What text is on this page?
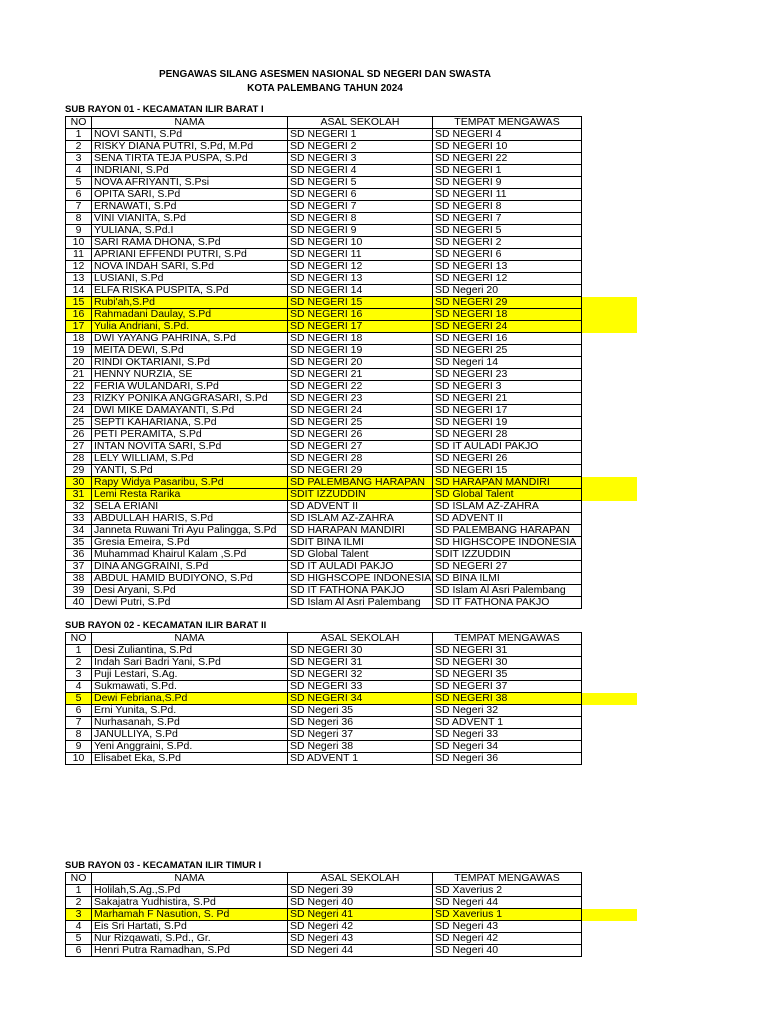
PENGAWAS SILANG ASESMEN NASIONAL SD NEGERI DAN SWASTA
KOTA PALEMBANG TAHUN 2024
SUB RAYON 01 - KECAMATAN ILIR BARAT I
NO	NAMA	ASAL SEKOLAH	TEMPAT MENGAWAS	
1	NOVI SANTI, S.Pd	SD NEGERI 1	SD NEGERI 4	
2	RISKY DIANA PUTRI, S.Pd, M.Pd	SD NEGERI 2	SD NEGERI 10	
3	SENA TIRTA TEJA PUSPA, S.Pd	SD NEGERI 3	SD NEGERI 22	
4	INDRIANI, S.Pd	SD NEGERI 4	SD NEGERI 1	
5	NOVA AFRIYANTI, S.Psi	SD NEGERI 5	SD NEGERI 9	
6	OPITA SARI, S.Pd	SD NEGERI 6	SD NEGERI 11	
7	ERNAWATI, S.Pd	SD NEGERI 7	SD NEGERI 8	
8	VINI VIANITA, S.Pd	SD NEGERI 8	SD NEGERI 7	
9	YULIANA, S.Pd.I	SD NEGERI 9	SD NEGERI 5	
10	SARI RAMA DHONA, S.Pd	SD NEGERI 10	SD NEGERI 2	
11	APRIANI EFFENDI PUTRI, S.Pd	SD NEGERI 11	SD NEGERI 6	
12	NOVA INDAH SARI, S.Pd	SD NEGERI 12	SD NEGERI 13	
13	LUSIANI, S.Pd	SD NEGERI 13	SD NEGERI 12	
14	ELFA RISKA PUSPITA, S.Pd	SD NEGERI 14	SD Negeri 20	
15	Rubi'ah,S.Pd	SD NEGERI 15	SD NEGERI 29	
16	Rahmadani Daulay, S.Pd	SD NEGERI 16	SD NEGERI 18	
17	Yulia Andriani, S.Pd.	SD NEGERI 17	SD NEGERI 24	
18	DWI YAYANG PAHRINA, S.Pd	SD NEGERI 18	SD NEGERI 16	
19	MEITA DEWI, S.Pd	SD NEGERI 19	SD NEGERI 25	
20	RINDI OKTARIANI, S.Pd	SD NEGERI 20	SD Negeri 14	
21	HENNY NURZIA, SE	SD NEGERI 21	SD NEGERI 23	
22	FERIA WULANDARI, S.Pd	SD NEGERI 22	SD NEGERI 3	
23	RIZKY PONIKA ANGGRASARI, S.Pd	SD NEGERI 23	SD NEGERI 21	
24	DWI MIKE DAMAYANTI, S.Pd	SD NEGERI 24	SD NEGERI 17	
25	SEPTI KAHARIANA, S.Pd	SD NEGERI 25	SD NEGERI 19	
26	PETI PERAMITA, S.Pd	SD NEGERI 26	SD NEGERI 28	
27	INTAN NOVITA SARI, S.Pd	SD NEGERI 27	SD IT AULADI PAKJO	
28	LELY WILLIAM, S.Pd	SD NEGERI 28	SD NEGERI 26	
29	YANTI, S.Pd	SD NEGERI 29	SD NEGERI 15	
30	Rapy Widya Pasaribu, S.Pd	SD PALEMBANG HARAPAN	SD HARAPAN MANDIRI	
31	Lemi Resta Rarika	SDIT IZZUDDIN	SD Global Talent	
32	SELA ERIANI	SD ADVENT II	SD ISLAM AZ-ZAHRA	
33	ABDULLAH HARIS, S.Pd	SD ISLAM AZ-ZAHRA	SD ADVENT II	
34	Janneta Ruwani Tri Ayu Palingga, S.Pd	SD HARAPAN MANDIRI	SD PALEMBANG HARAPAN	
35	Gresia Emeira, S.Pd	SDIT BINA ILMI	SD HIGHSCOPE INDONESIA	
36	Muhammad Khairul Kalam ,S.Pd	SD Global Talent	SDIT IZZUDDIN	
37	DINA ANGGRAINI, S.Pd	SD IT AULADI PAKJO	SD NEGERI 27	
38	ABDUL HAMID BUDIYONO, S.Pd	SD HIGHSCOPE INDONESIA	SD BINA ILMI	
39	Desi Aryani, S.Pd	SD IT FATHONA PAKJO	SD Islam Al Asri Palembang	
40	Dewi Putri, S.Pd	SD Islam Al Asri Palembang	SD IT FATHONA PAKJO	
SUB RAYON 02 - KECAMATAN ILIR BARAT II
NO	NAMA	ASAL SEKOLAH	TEMPAT MENGAWAS	
1	Desi Zuliantina, S.Pd	SD NEGERI 30	SD NEGERI 31	
2	Indah Sari Badri Yani, S.Pd	SD NEGERI 31	SD NEGERI 30	
3	Puji Lestari, S.Ag.	SD NEGERI 32	SD NEGERI 35	
4	Sukmawati, S.Pd.	SD NEGERI 33	SD NEGERI 37	
5	Dewi Febriana,S.Pd	SD NEGERI 34	SD NEGERI 38	
6	Erni Yunita, S.Pd.	SD Negeri 35	SD Negeri 32	
7	Nurhasanah, S.Pd	SD Negeri 36	SD ADVENT 1	
8	JANULLIYA, S.Pd	SD Negeri 37	SD Negeri 33	
9	Yeni Anggraini, S.Pd.	SD Negeri 38	SD Negeri 34	
10	Elisabet Eka, S.Pd	SD ADVENT 1	SD Negeri 36	
SUB RAYON 03 - KECAMATAN ILIR TIMUR I
NO	NAMA	ASAL SEKOLAH	TEMPAT MENGAWAS	
1	Holilah,S.Ag.,S.Pd	SD Negeri 39	SD Xaverius 2	
2	Sakajatra Yudhistira, S.Pd	SD Negeri 40	SD Negeri 44	
3	Marhamah F Nasution, S. Pd	SD Negeri 41	SD Xaverius 1	
4	Eis Sri Hartati, S.Pd	SD Negeri 42	SD Negeri 43	
5	Nur Rizqawati, S.Pd., Gr.	SD Negeri 43	SD Negeri 42	
6	Henri Putra Ramadhan, S.Pd	SD Negeri 44	SD Negeri 40	
